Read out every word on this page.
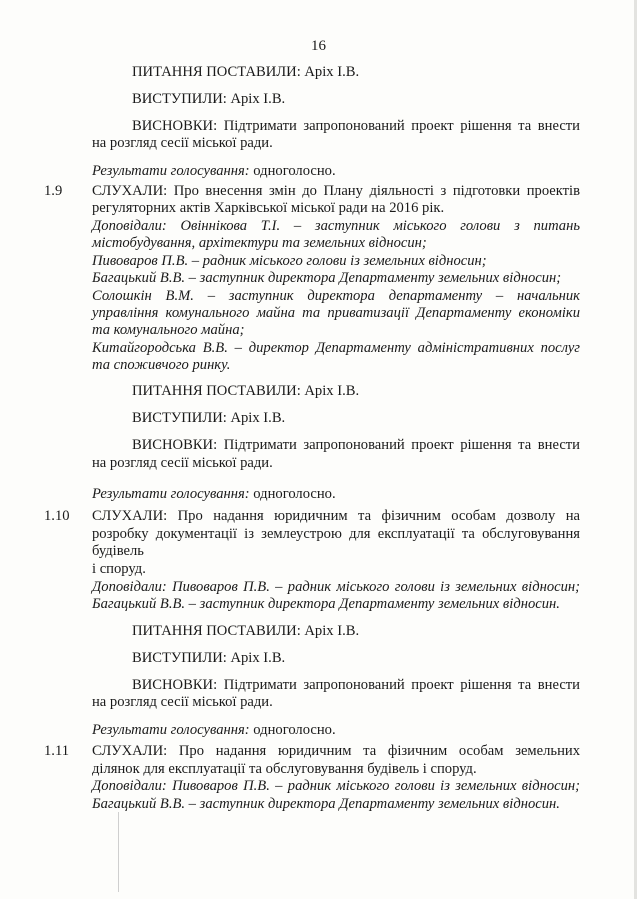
16
ПИТАННЯ ПОСТАВИЛИ: Аріх І.В.
ВИСТУПИЛИ: Аріх І.В.
ВИСНОВКИ: Підтримати запропонований проект рішення та внести
на розгляд сесії міської ради.
Результати голосування: одноголосно.
1.9 СЛУХАЛИ: Про внесення змін до Плану діяльності з підготовки проектів
регуляторних актів Харківської міської ради на 2016 рік.
Доповідали: Овіннікова Т.І. – заступник міського голови з питань
містобудування, архітектури та земельних відносин;
Пивоваров П.В. – радник міського голови із земельних відносин;
Багацький В.В. – заступник директора Департаменту земельних відносин;
Солошкін В.М. – заступник директора департаменту – начальник
управління комунального майна та приватизації Департаменту економіки
та комунального майна;
Китайгородська В.В. – директор Департаменту адміністративних послуг
та споживчого ринку.
ПИТАННЯ ПОСТАВИЛИ: Аріх І.В.
ВИСТУПИЛИ: Аріх І.В.
ВИСНОВКИ: Підтримати запропонований проект рішення та внести
на розгляд сесії міської ради.
Результати голосування: одноголосно.
1.10 СЛУХАЛИ: Про надання юридичним та фізичним особам дозволу на
розробку документації із землеустрою для експлуатації та обслуговування
будівель
і споруд.
Доповідали: Пивоваров П.В. – радник міського голови із земельних відносин;
Багацький В.В. – заступник директора Департаменту земельних відносин.
ПИТАННЯ ПОСТАВИЛИ: Аріх І.В.
ВИСТУПИЛИ: Аріх І.В.
ВИСНОВКИ: Підтримати запропонований проект рішення та внести
на розгляд сесії міської ради.
Результати голосування: одноголосно.
1.11 СЛУХАЛИ: Про надання юридичним та фізичним особам земельних
ділянок для експлуатації та обслуговування будівель і споруд.
Доповідали: Пивоваров П.В. – радник міського голови із земельних відносин;
Багацький В.В. – заступник директора Департаменту земельних відносин.
